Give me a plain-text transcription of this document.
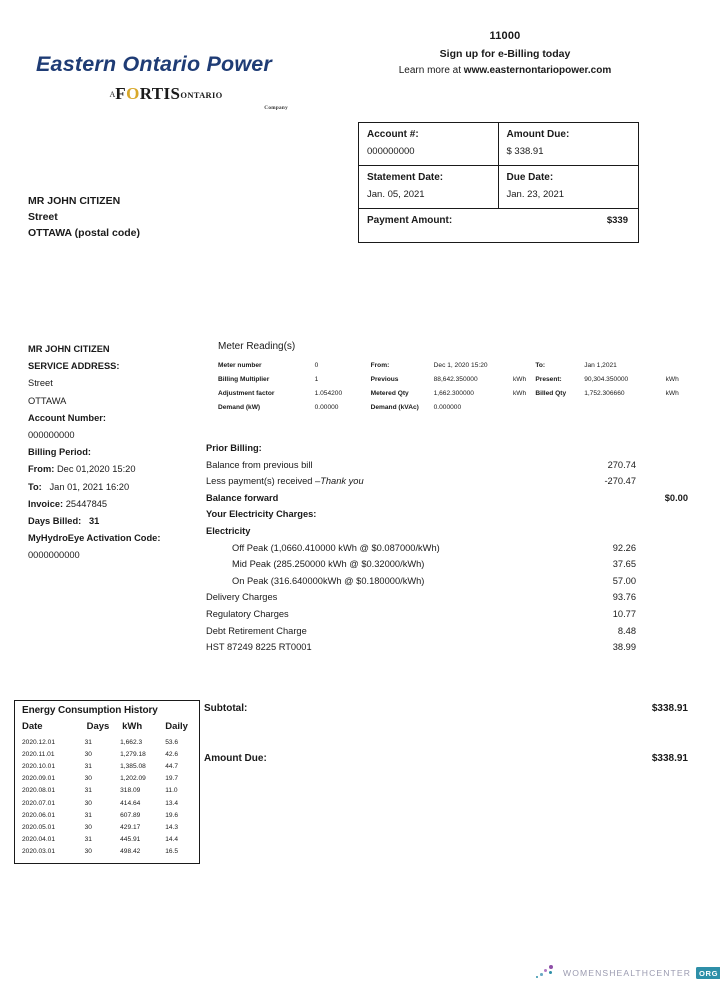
Eastern Ontario Power
AFORTISONTARIO
Company
11000
Sign up for e-Billing today
Learn more at www.easternontariopower.com
Account #:
000000000
Amount Due:
$ 338.91
Statement Date:
Jan. 05, 2021
Due Date:
Jan. 23, 2021
Payment Amount:	$339
MR JOHN CITIZEN
Street
OTTAWA (postal code)
MR JOHN CITIZEN
SERVICE ADDRESS:
Street
OTTAWA
Account Number:
000000000
Billing Period:
From: Dec 01,2020 15:20
To: Jan 01, 2021 16:20
Invoice: 25447845
Days Billed: 31
MyHydroEye Activation Code:
0000000000
Meter Reading(s)
Meter number	0	From:	Dec 1, 2020 15:20		To:	Jan 1,2021	
Billing Multiplier	1	Previous	88,642.350000	kWh	Present:	90,304.350000	kWh
Adjustment factor	1.054200	Metered Qty	1,662.300000	kWh	Billed Qty	1,752.306660	kWh
Demand (kW)	0.00000	Demand (kVAc)	0.000000				
Prior Billing:
Balance from previous bill	270.74
Less payment(s) received –Thank you	-270.47
Balance forward	$0.00
Your Electricity Charges:
Electricity
Off Peak (1,0660.410000 kWh @ $0.087000/kWh)	92.26
Mid Peak (285.250000 kWh @ $0.32000/kWh)	37.65
On Peak (316.640000kWh @ $0.180000/kWh)	57.00
Delivery Charges	93.76
Regulatory Charges	10.77
Debt Retirement Charge	8.48
HST 87249 8225 RT0001	38.99
Energy Consumption History
Date	Days	kWh	Daily
2020.12.01	31	1,662.3	53.6
2020.11.01	30	1,279.18	42.6
2020.10.01	31	1,385.08	44.7
2020.09.01	30	1,202.09	19.7
2020.08.01	31	318.09	11.0
2020.07.01	30	414.64	13.4
2020.06.01	31	607.89	19.6
2020.05.01	30	429.17	14.3
2020.04.01	31	445.91	14.4
2020.03.01	30	498.42	16.5
Subtotal:	$338.91
Amount Due:	$338.91
WOMENSHEALTHCENTER	ORG
